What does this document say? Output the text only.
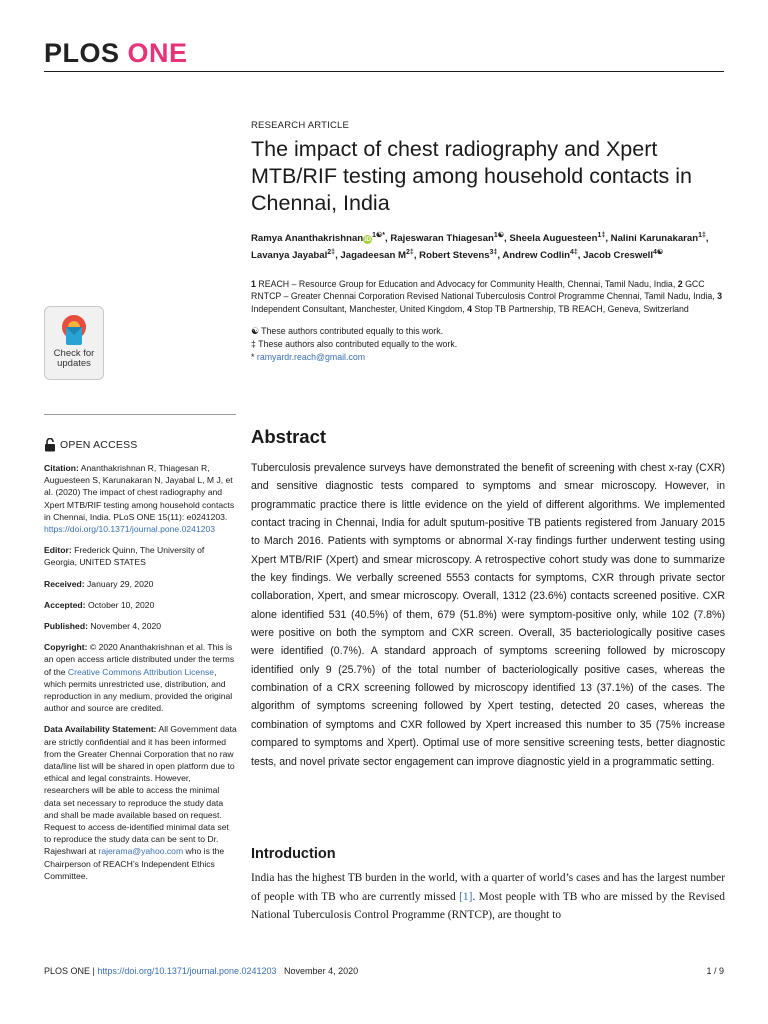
PLOS ONE
Check for
updates
OPEN ACCESS

Citation: Ananthakrishnan R, Thiagesan R, Auguesteen S, Karunakaran N, Jayabal L, M J, et al. (2020) The impact of chest radiography and Xpert MTB/RIF testing among household contacts in Chennai, India. PLoS ONE 15(11): e0241203. https://doi.org/10.1371/journal.pone.0241203

Editor: Frederick Quinn, The University of Georgia, UNITED STATES

Received: January 29, 2020

Accepted: October 10, 2020

Published: November 4, 2020

Copyright: © 2020 Ananthakrishnan et al. This is an open access article distributed under the terms of the Creative Commons Attribution License, which permits unrestricted use, distribution, and reproduction in any medium, provided the original author and source are credited.

Data Availability Statement: All Government data are strictly confidential and it has been informed from the Greater Chennai Corporation that no raw data/line list will be shared in open platform due to ethical and legal constraints. However, researchers will be able to access the minimal data set necessary to reproduce the study data and shall be made available based on request. Request to access de-identified minimal data set to reproduce the study data can be sent to Dr. Rajeshwari at rajerama@yahoo.com who is the Chairperson of REACH’s Independent Ethics Committee.

RESEARCH ARTICLE
The impact of chest radiography and Xpert MTB/RIF testing among household contacts in Chennai, India
Ramya AnanthakrishnaniD$^{1☯*}$, Rajeswaran Thiagesan$^{1☯}$, Sheela Auguesteen$^{1\ddagger}$, Nalini Karunakaran$^{1\ddagger}$, Lavanya Jayabal$^{2\ddagger}$, Jagadeesan $M^{2\ddagger}$, Robert Stevens$^{3\ddagger}$, Andrew Codlin$^{4\ddagger}$, Jacob Creswell$^{4☯}$
1 REACH – Resource Group for Education and Advocacy for Community Health, Chennai, Tamil Nadu, India, 2 GCC RNTCP – Greater Chennai Corporation Revised National Tuberculosis Control Programme Chennai, Tamil Nadu, India, 3 Independent Consultant, Manchester, United Kingdom, 4 Stop TB Partnership, TB REACH, Geneva, Switzerland
☯ These authors contributed equally to this work.
‡ These authors also contributed equally to the work.
* ramyardr.reach@gmail.com
Abstract

Tuberculosis prevalence surveys have demonstrated the benefit of screening with chest x-ray (CXR) and sensitive diagnostic tests compared to symptoms and smear microscopy. However, in programmatic practice there is little evidence on the yield of different algorithms. We implemented contact tracing in Chennai, India for adult sputum-positive TB patients registered from January 2015 to March 2016. Patients with symptoms or abnormal X-ray findings further underwent testing using Xpert MTB/RIF (Xpert) and smear microscopy. A retrospective cohort study was done to summarize the key findings. We verbally screened 5553 contacts for symptoms, CXR through private sector collaboration, Xpert, and smear microscopy. Overall, 1312 (23.6%) contacts screened positive. CXR alone identified 531 (40.5%) of them, 679 (51.8%) were symptom-positive only, while 102 (7.8%) were positive on both the symptom and CXR screen. Overall, 35 bacteriologically positive cases were identified (0.7%). A standard approach of symptoms screening followed by microscopy identified only 9 (25.7%) of the total number of bacteriologically positive cases, whereas the combination of a CRX screening followed by microscopy identified 13 (37.1%) of the cases. The algorithm of symptoms screening followed by Xpert testing, detected 20 cases, whereas the combination of symptoms and CXR followed by Xpert increased this number to 35 (75% increase compared to symptoms and Xpert). Optimal use of more sensitive screening tests, better diagnostic tests, and novel private sector engagement can improve diagnostic yield in a programmatic setting.

Introduction

India has the highest TB burden in the world, with a quarter of world’s cases and has the largest number of people with TB who are currently missed [1]. Most people with TB who are missed by the Revised National Tuberculosis Control Programme (RNTCP), are thought to

PLOS ONE | https://doi.org/10.1371/journal.pone.0241203 November 4, 2020	1 / 9
